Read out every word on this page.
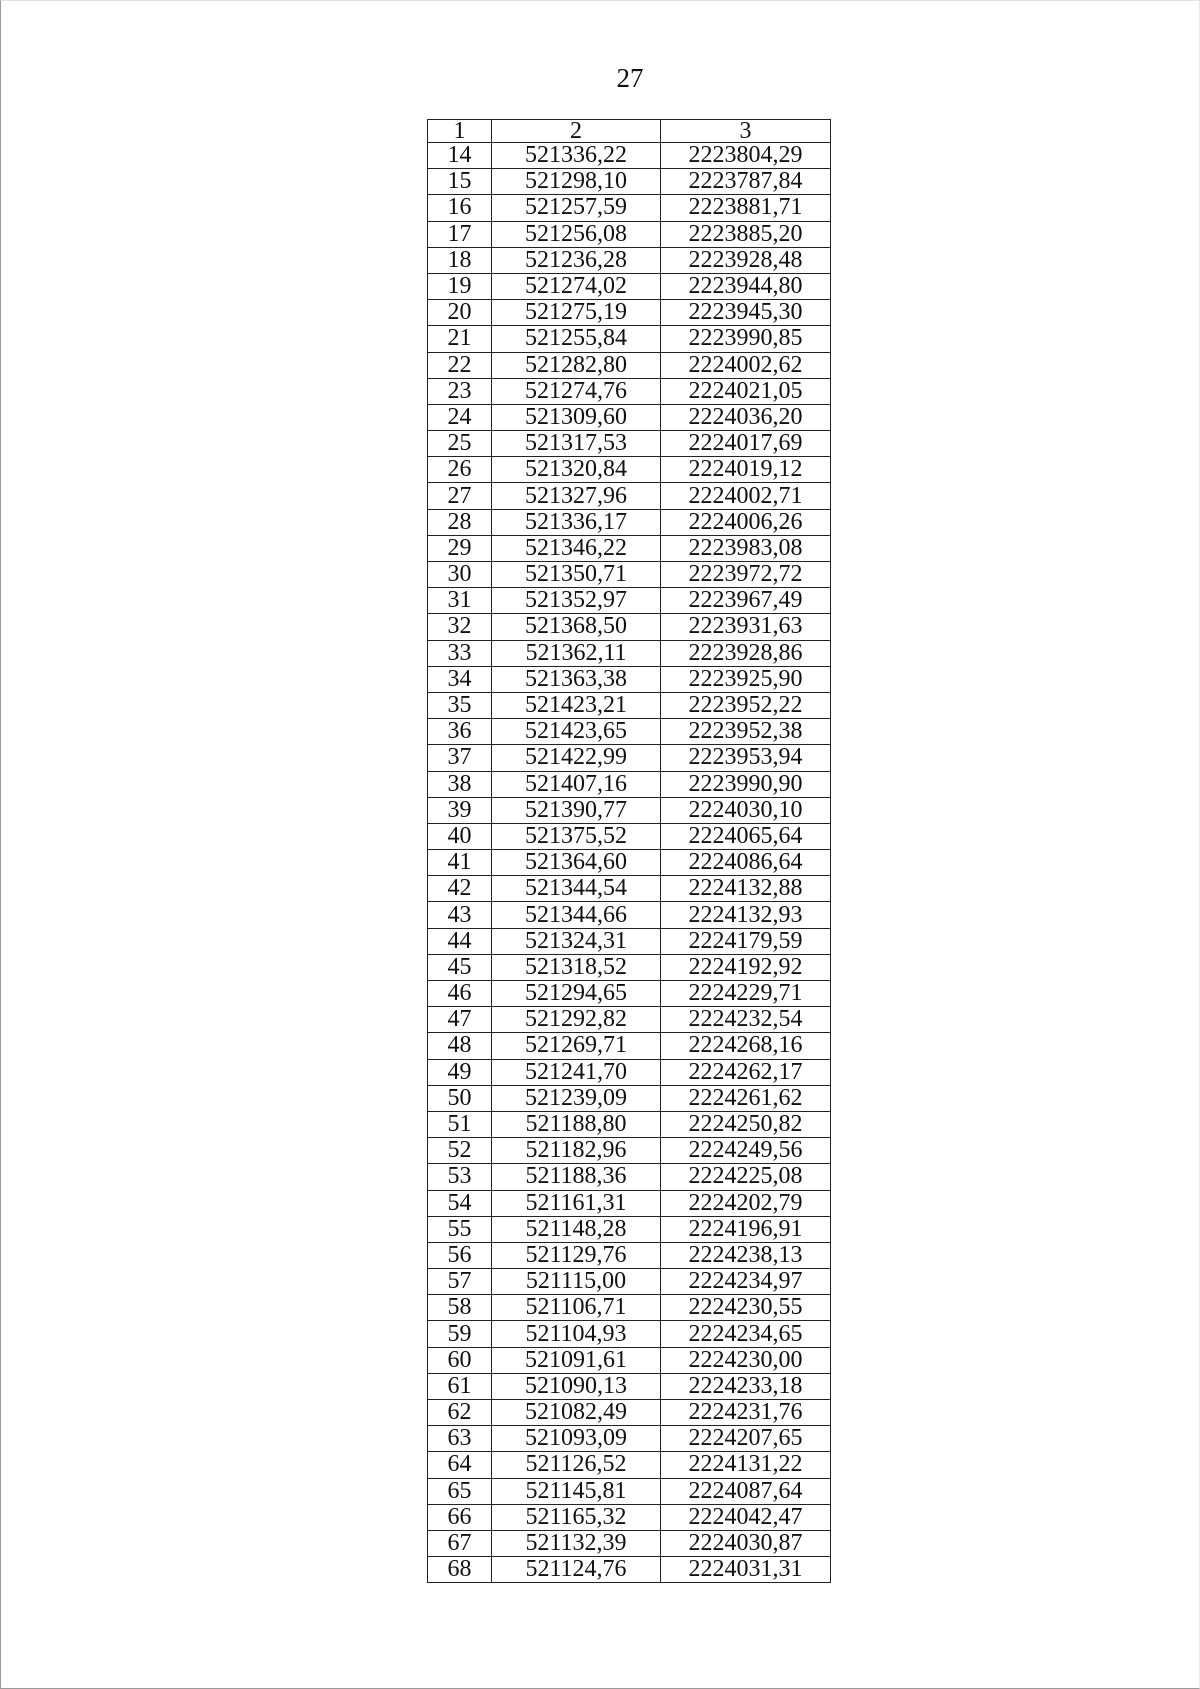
27
1	2	3
14	521336,22	2223804,29
15	521298,10	2223787,84
16	521257,59	2223881,71
17	521256,08	2223885,20
18	521236,28	2223928,48
19	521274,02	2223944,80
20	521275,19	2223945,30
21	521255,84	2223990,85
22	521282,80	2224002,62
23	521274,76	2224021,05
24	521309,60	2224036,20
25	521317,53	2224017,69
26	521320,84	2224019,12
27	521327,96	2224002,71
28	521336,17	2224006,26
29	521346,22	2223983,08
30	521350,71	2223972,72
31	521352,97	2223967,49
32	521368,50	2223931,63
33	521362,11	2223928,86
34	521363,38	2223925,90
35	521423,21	2223952,22
36	521423,65	2223952,38
37	521422,99	2223953,94
38	521407,16	2223990,90
39	521390,77	2224030,10
40	521375,52	2224065,64
41	521364,60	2224086,64
42	521344,54	2224132,88
43	521344,66	2224132,93
44	521324,31	2224179,59
45	521318,52	2224192,92
46	521294,65	2224229,71
47	521292,82	2224232,54
48	521269,71	2224268,16
49	521241,70	2224262,17
50	521239,09	2224261,62
51	521188,80	2224250,82
52	521182,96	2224249,56
53	521188,36	2224225,08
54	521161,31	2224202,79
55	521148,28	2224196,91
56	521129,76	2224238,13
57	521115,00	2224234,97
58	521106,71	2224230,55
59	521104,93	2224234,65
60	521091,61	2224230,00
61	521090,13	2224233,18
62	521082,49	2224231,76
63	521093,09	2224207,65
64	521126,52	2224131,22
65	521145,81	2224087,64
66	521165,32	2224042,47
67	521132,39	2224030,87
68	521124,76	2224031,31
